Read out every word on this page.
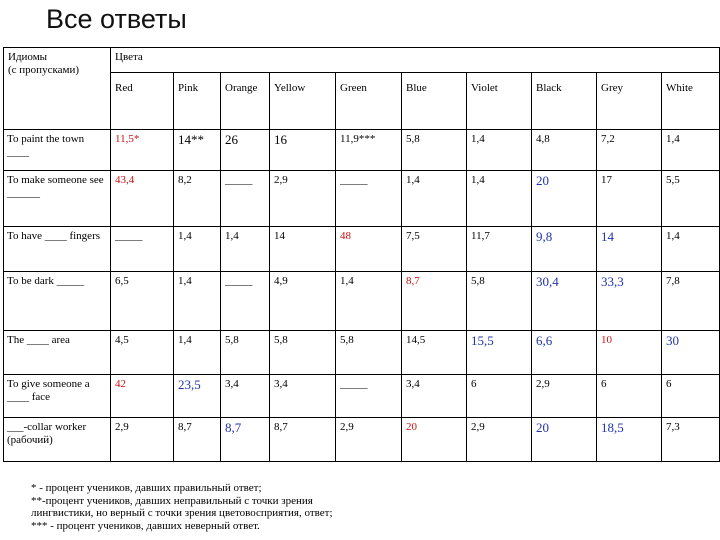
Все ответы
Идиомы
(с пропусками)	Цвета									
	Red	Pink	Orange	Yellow	Green	Blue	Violet	Black	Grey	White
To paint the town ____	11,5*	14**	26	16	11,9***	5,8	1,4	4,8	7,2	1,4
To make someone see ______	43,4	8,2	_____	2,9	_____	1,4	1,4	20	17	5,5
To have ____ fingers	_____	1,4	1,4	14	48	7,5	11,7	9,8	14	1,4
To be dark _____	6,5	1,4	_____	4,9	1,4	8,7	5,8	30,4	33,3	7,8
The ____ area	4,5	1,4	5,8	5,8	5,8	14,5	15,5	6,6	10	30
To give someone a ____ face	42	23,5	3,4	3,4	_____	3,4	6	2,9	6	6
___-collar worker (рабочий)	2,9	8,7	8,7	8,7	2,9	20	2,9	20	18,5	7,3
* - процент учеников, давших правильный ответ;
**-процент учеников, давших неправильный с точки зрения
лингвистики, но верный с точки зрения цветовосприятия, ответ;
*** - процент учеников, давших неверный ответ.
